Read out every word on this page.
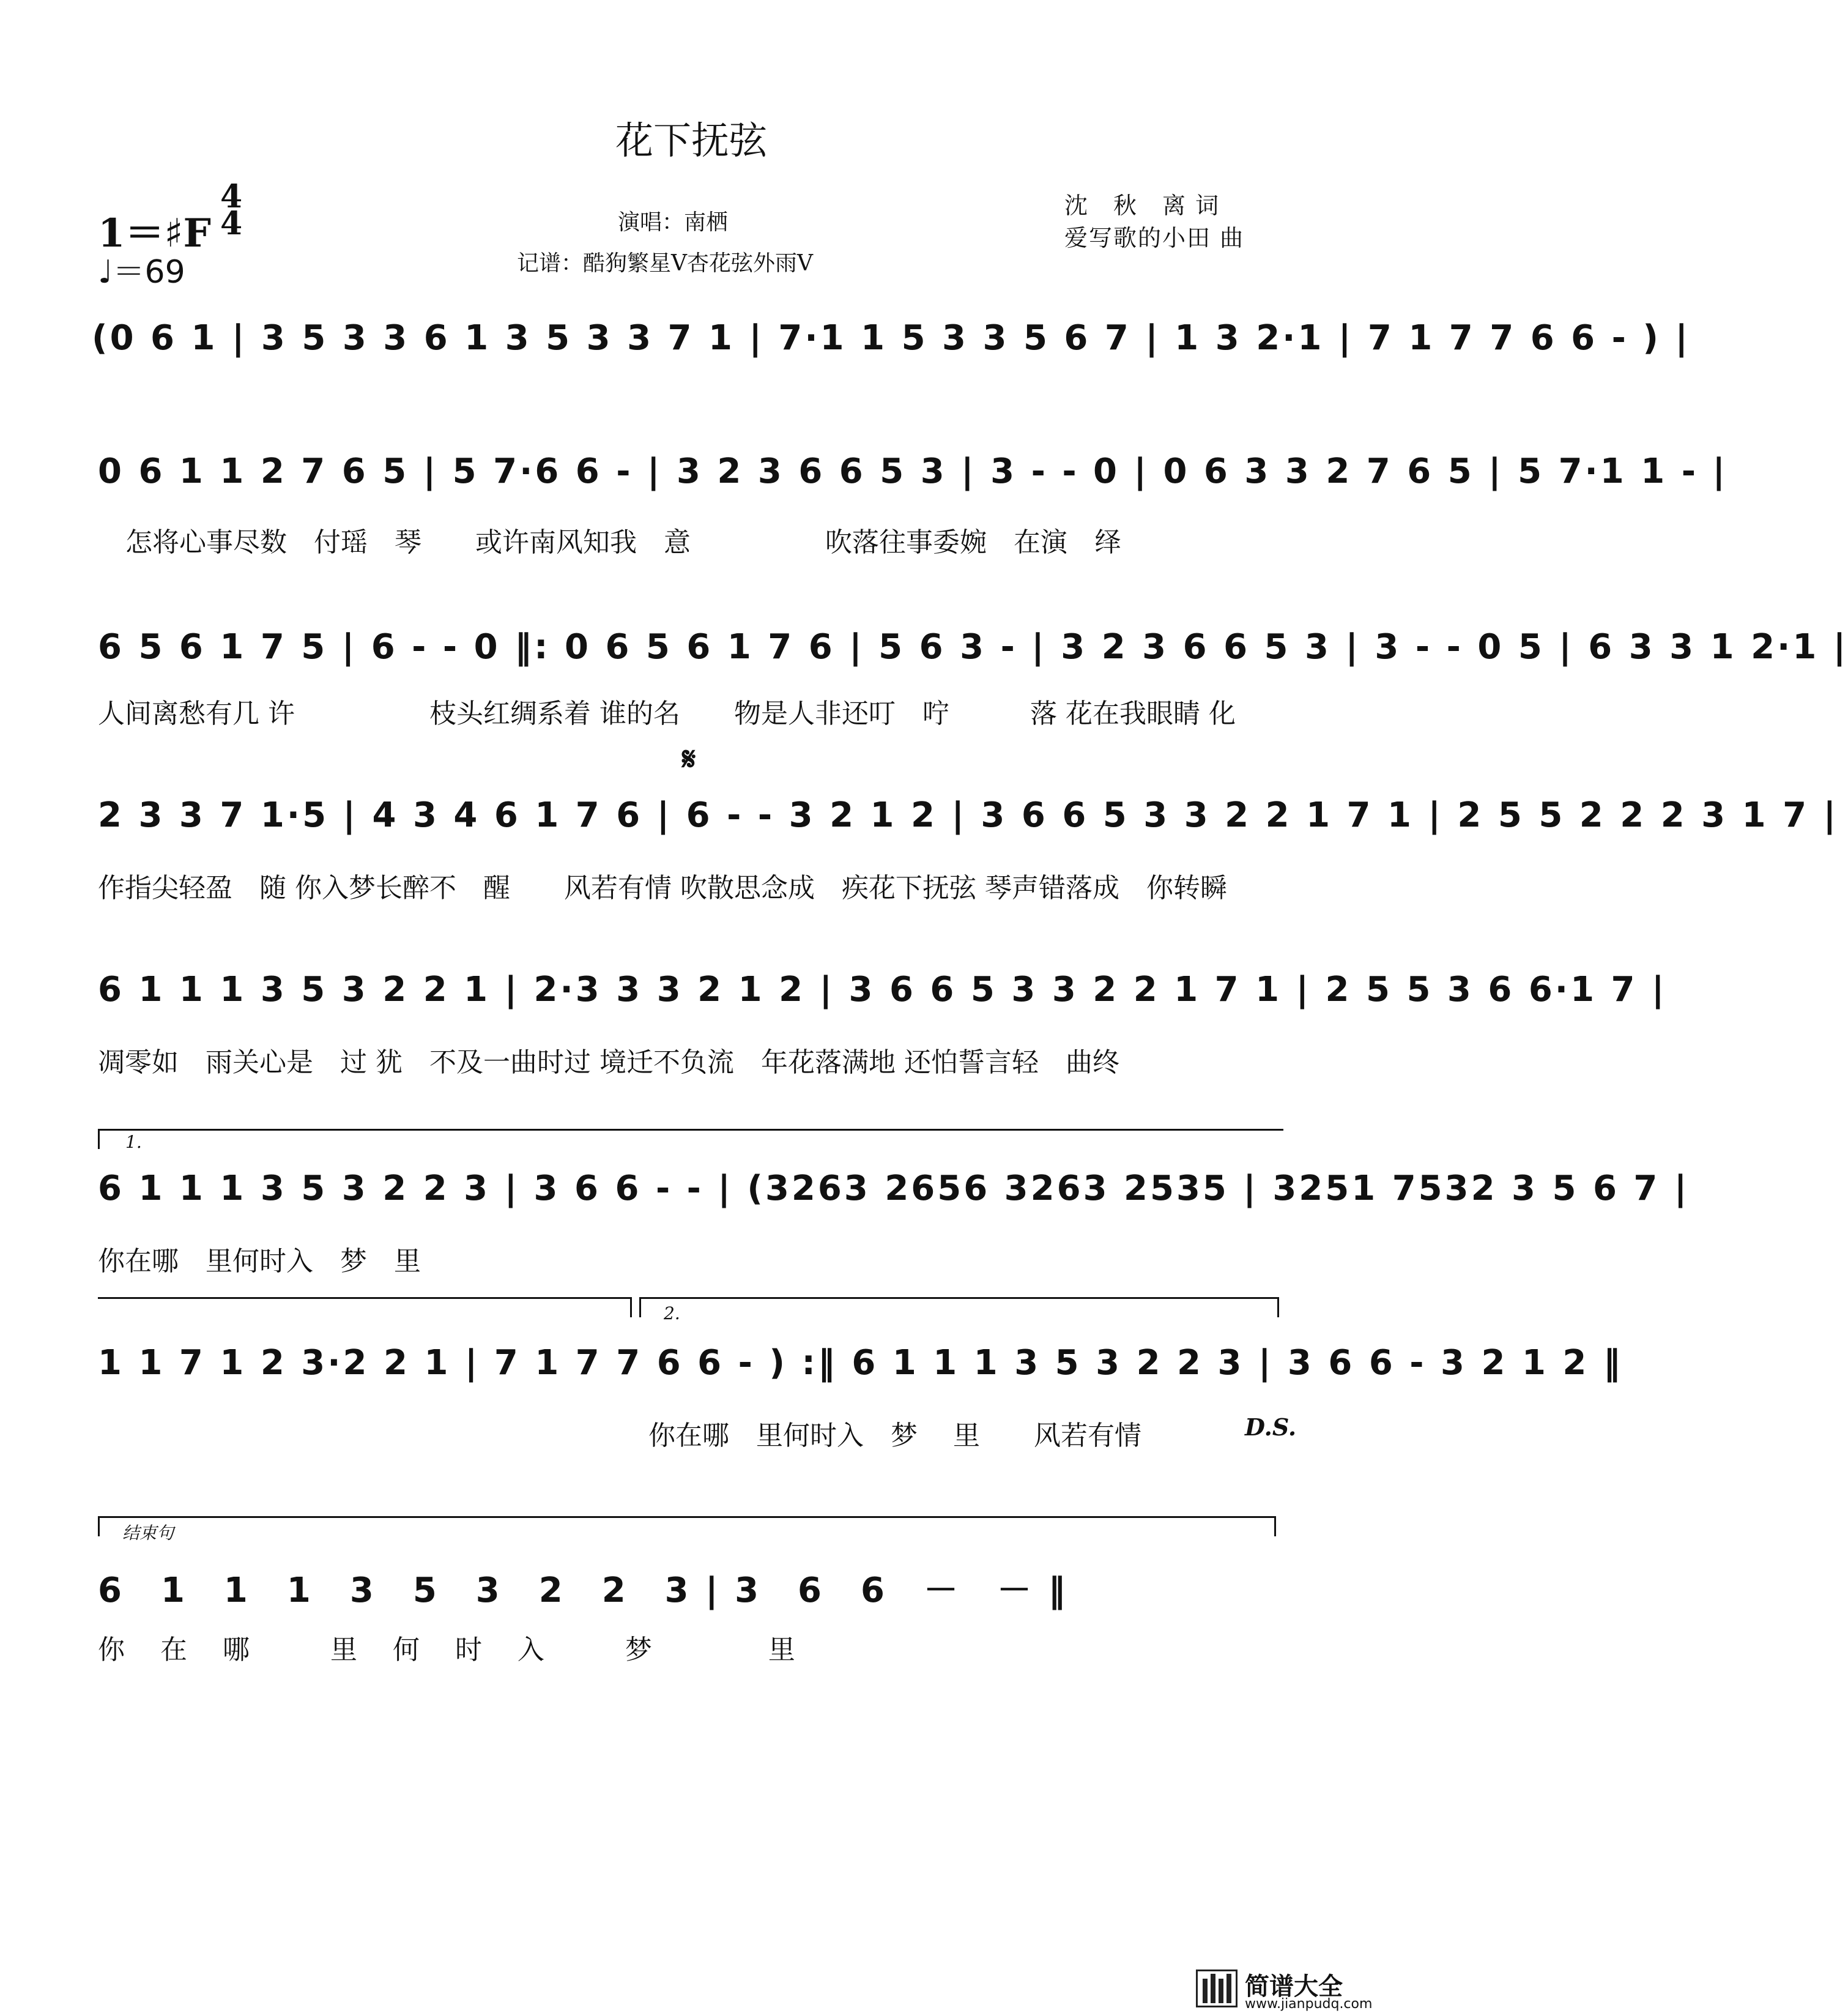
花下抚弦
1＝♯F
4
4
♩＝69
演唱：南栖
记谱：酷狗繁星V杏花弦外雨V
沈　秋　离 词
爱写歌的小田 曲
(0 6 1 | 3 5 3 3 6 1 3 5 3 3 7 1 | 7·1 1 5 3 3 5 6 7 | 1 3 2·1 | 7 1 7 7 6 6 - ) |
0 6 1 1 2 7 6 5 | 5 7·6 6 - | 3 2 3 6 6 5 3 | 3 - - 0 | 0 6 3 3 2 7 6 5 | 5 7·1 1 - |
怎将心事尽数　付瑶　琴　　或许南风知我　意　　　　　吹落往事委婉　在演　绎
6 5 6 1 7 5 | 6 - - 0 ‖: 0 6 5 6 1 7 6 | 5 6 3 - | 3 2 3 6 6 5 3 | 3 - - 0 5 | 6 3 3 1 2·1 |
人间离愁有几 许　　　　　枝头红绸系着 谁的名　　物是人非还叮　咛　　　落 花在我眼睛 化
𝄋
2 3 3 7 1·5 | 4 3 4 6 1 7 6 | 6 - - 3 2 1 2 | 3 6 6 5 3 3 2 2 1 7 1 | 2 5 5 2 2 2 3 1 7 |
作指尖轻盈　随 你入梦长醉不　醒　　风若有情 吹散思念成　疾花下抚弦 琴声错落成　你转瞬
6 1 1 1 3 5 3 2 2 1 | 2·3 3 3 2 1 2 | 3 6 6 5 3 3 2 2 1 7 1 | 2 5 5 3 6 6·1 7 |
凋零如　雨关心是　过 犹　不及一曲时过 境迁不负流　年花落满地 还怕誓言轻　曲终
1.
6 1 1 1 3 5 3 2 2 3 | 3 6 6 - - | (3263 2656 3263 2535 | 3251 7532 3 5 6 7 |
你在哪　里何时入　梦　里
2.
1 1 7 1 2 3·2 2 1 | 7 1 7 7 6 6 - ) :‖ 6 1 1 1 3 5 3 2 2 3 | 3 6 6 - 3 2 1 2 ‖
你在哪　里何时入　梦　 里　　风若有情	D.S.
结束句
6　1　1　1　3　5　3　2　2　3 | 3　6　6　－　－ ‖
你　 在　 哪　　　里　 何　 时　 入　　　梦　　　　 里
简谱大全
www.jianpudq.com
